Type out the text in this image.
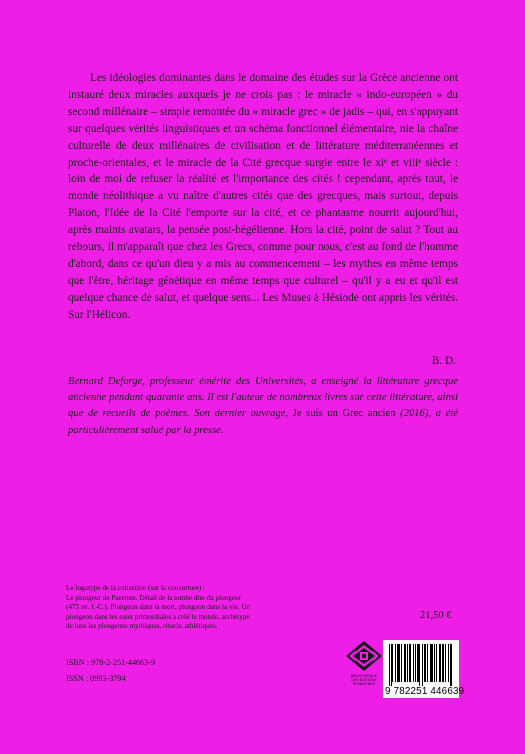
Les idéologies dominantes dans le domaine des études sur la Grèce ancienne ont instauré deux miracles auxquels je ne crois pas : le miracle « indo-européen » du second millénaire – simple remontée du « miracle grec » de jadis – qui, en s'appuyant sur quelques vérités linguistiques et un schéma fonctionnel élémentaire, nie la chaîne culturelle de deux millénaires de civilisation et de littérature méditerranéennes et proche-orientales, et le miracle de la Cité grecque surgie entre le xiᵉ et viiiᵉ siècle : loin de moi de refuser la réalité et l'importance des cités ! cependant, après tout, le monde néolithique a vu naître d'autres cités que des grecques, mais surtout, depuis Platon, l'Idée de la Cité l'emporte sur la cité, et ce phantasme nourrit aujourd'hui, après maints avatars, la pensée post-hégélienne. Hors la cité, point de salut ? Tout au rebours, il m'apparaît que chez les Grecs, comme pour nous, c'est au fond de l'homme d'abord, dans ce qu'un dieu y a mis au commencement – les mythes en même temps que l'être, héritage génétique en même temps que culturel – qu'il y a eu et qu'il est quelque chance de salut, et quelque sens... Les Muses à Hésiode ont appris les vérités. Sur l'Hélicon.

B. D.
Bernard Deforge, professeur émérite des Universités, a enseigné la littérature grecque ancienne pendant quarante ans. Il est l'auteur de nombreux livres sur cette littérature, ainsi que de recueils de poèmes. Son dernier ouvrage, Je suis un Grec ancien (2016), a été particulièrement salué par la presse.
Le logotype de la collection (sur la couverture) :
Le plongeur de Paestum. Détail de la tombe dite du plongeur
(475 av. J.-C.). Plongeon dans la mort, plongeon dans la vie. Un
plongeon dans les eaux primordiales a créé le monde, archétype
de tous les plongeons mythiques, rituels, athlétiques.
21,50 €
ISBN : 978-2-251-44663-9
ISSN : 0993-3794	BIBLIOTHÈQUE
DES ÉDITIONS
BYZANTINES
9 782251 446639
